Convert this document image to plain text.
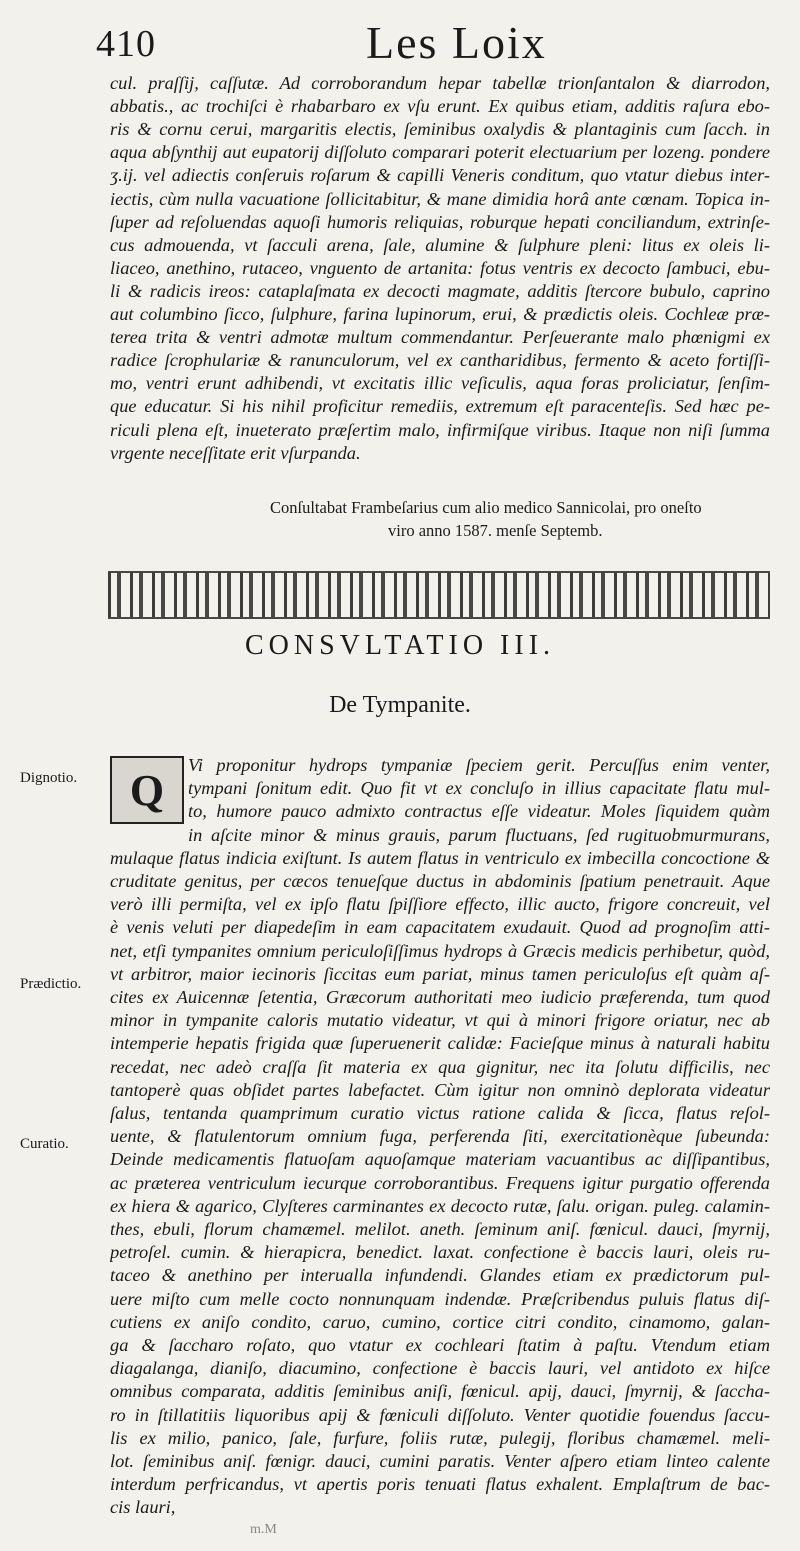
410	Les Loix
cul. praſſij, caſſutæ. Ad corroborandum hepar tabellæ trionſantalon & diarrodon,
abbatis., ac trochiſci è rhabarbaro ex vſu erunt. Ex quibus etiam, additis raſura ebo-
ris & cornu cerui, margaritis electis, ſeminibus oxalydis & plantaginis cum ſacch. in
aqua abſynthij aut eupatorij diſſoluto comparari poterit electuarium per lozeng. pondere
ʒ.ij. vel adiectis conſeruis roſarum & capilli Veneris conditum, quo vtatur diebus inter-
iectis, cùm nulla vacuatione ſollicitabitur, & mane dimidia horâ ante cœnam. Topica in-
ſuper ad reſoluendas aquoſi humoris reliquias, roburque hepati conciliandum, extrinſe-
cus admouenda, vt ſacculi arena, ſale, alumine & ſulphure pleni: litus ex oleis li-
liaceo, anethino, rutaceo, vnguento de artanita: fotus ventris ex decocto ſambuci, ebu-
li & radicis ireos: cataplaſmata ex decocti magmate, additis ſtercore bubulo, caprino
aut columbino ſicco, ſulphure, farina lupinorum, erui, & prædictis oleis. Cochleæ præ-
terea trita & ventri admotæ multum commendantur. Perſeuerante malo phœnigmi ex
radice ſcrophulariæ & ranunculorum, vel ex cantharidibus, fermento & aceto fortiſſi-
mo, ventri erunt adhibendi, vt excitatis illic veſiculis, aqua foras proliciatur, ſenſim-
que educatur. Si his nihil proficitur remediis, extremum eſt paracenteſis. Sed hæc pe-
riculi plena eſt, inueterato præſertim malo, infirmiſque viribus. Itaque non niſi ſumma
vrgente neceſſitate erit vſurpanda.
Conſultabat Frambeſarius cum alio medico Sannicolai, pro oneſto
viro anno 1587. menſe Septemb.
CONSVLTATIO III.
De Tympanite.
Q
Dignotio.
Prædictio.
Curatio.
Vi proponitur hydrops tympaniæ ſpeciem gerit. Percuſſus enim venter,
tympani ſonitum edit. Quo fit vt ex concluſo in illius capacitate flatu mul-
to, humore pauco admixto contractus eſſe videatur. Moles ſiquidem quàm
in aſcite minor & minus grauis, parum fluctuans, ſed rugituobmurmurans,
mulaque flatus indicia exiſtunt. Is autem flatus in ventriculo ex imbecilla concoctione &
cruditate genitus, per cæcos tenueſque ductus in abdominis ſpatium penetrauit. Aque
verò illi permiſta, vel ex ipſo flatu ſpiſſiore effecto, illic aucto, frigore concreuit, vel
è venis veluti per diapedeſim in eam capacitatem exudauit. Quod ad prognoſim atti-
net, etſi tympanites omnium periculoſiſſimus hydrops à Græcis medicis perhibetur, quòd,
vt arbitror, maior iecinoris ſiccitas eum pariat, minus tamen periculoſus eſt quàm aſ-
cites ex Auicennæ ſetentia, Græcorum authoritati meo iudicio præferenda, tum quod
minor in tympanite caloris mutatio videatur, vt qui à minori frigore oriatur, nec ab
intemperie hepatis frigida quæ ſuperuenerit calidæ: Facieſque minus à naturali habitu
recedat, nec adeò craſſa ſit materia ex qua gignitur, nec ita ſolutu difficilis, nec
tantoperè quas obſidet partes labefactet. Cùm igitur non omninò deplorata videatur
ſalus, tentanda quamprimum curatio victus ratione calida & ſicca, flatus reſol-
uente, & flatulentorum omnium fuga, perferenda ſiti, exercitationèque ſubeunda:
Deinde medicamentis flatuoſam aquoſamque materiam vacuantibus ac diſſipantibus,
ac præterea ventriculum iecurque corroborantibus. Frequens igitur purgatio offerenda
ex hiera & agarico, Clyſteres carminantes ex decocto rutæ, ſalu. origan. puleg. calamin-
thes, ebuli, florum chamæmel. melilot. aneth. ſeminum aniſ. fœnicul. dauci, ſmyrnij,
petroſel. cumin. & hierapicra, benedict. laxat. confectione è baccis lauri, oleis ru-
taceo & anethino per interualla infundendi. Glandes etiam ex prædictorum pul-
uere miſto cum melle cocto nonnunquam indendæ. Præſcribendus puluis flatus diſ-
cutiens ex aniſo condito, caruo, cumino, cortice citri condito, cinamomo, galan-
ga & ſaccharo roſato, quo vtatur ex cochleari ſtatim à paſtu. Vtendum etiam
diagalanga, dianiſo, diacumino, confectione è baccis lauri, vel antidoto ex hiſce
omnibus comparata, additis ſeminibus aniſi, fœnicul. apij, dauci, ſmyrnij, & ſaccha-
ro in ſtillatitiis liquoribus apij & fœniculi diſſoluto. Venter quotidie fouendus ſaccu-
lis ex milio, panico, ſale, furfure, foliis rutæ, pulegij, floribus chamæmel. meli-
lot. ſeminibus aniſ. fœnigr. dauci, cumini paratis. Venter aſpero etiam linteo calente
interdum perfricandus, vt apertis poris tenuati flatus exhalent. Emplaſtrum de bac-
cis lauri,
m.M
